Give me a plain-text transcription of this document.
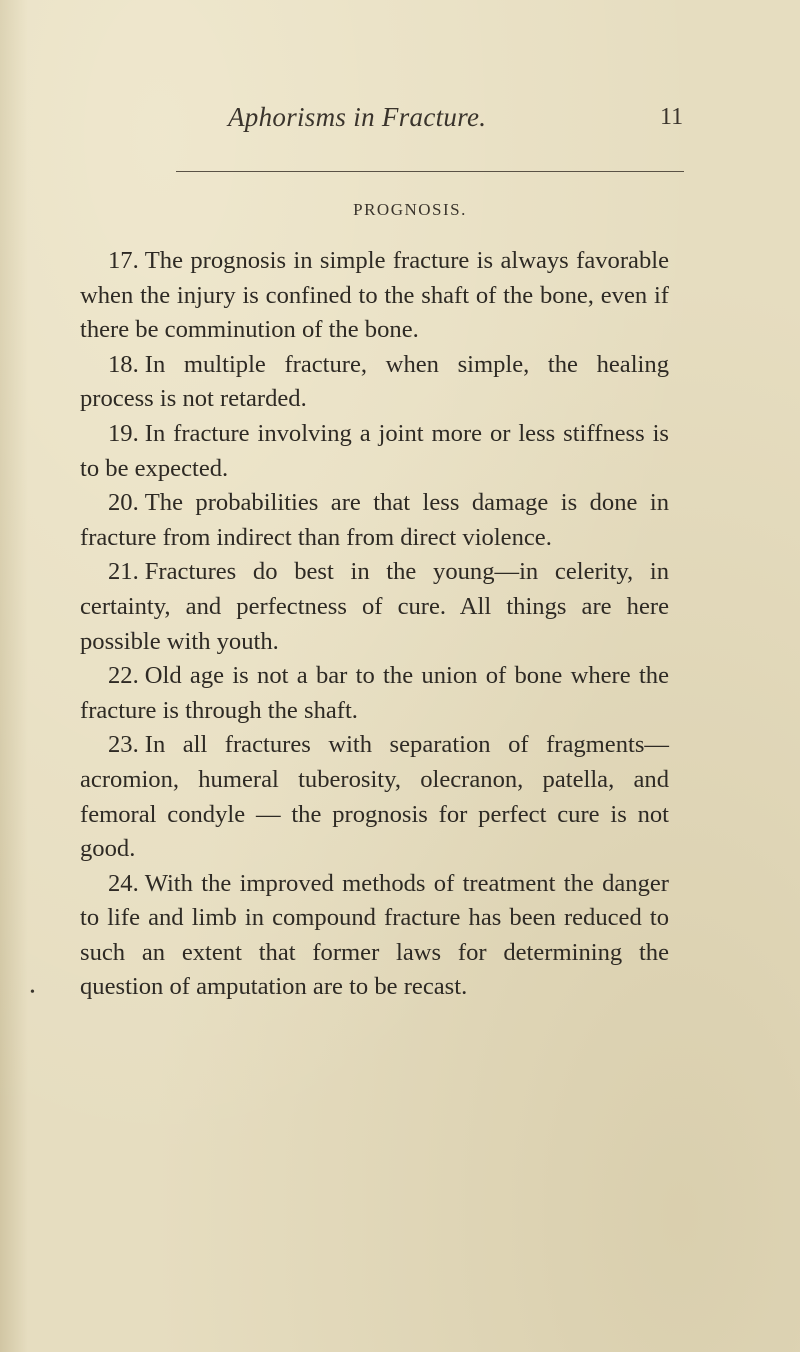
Aphorisms in Fracture.	11
PROGNOSIS.
•

17. The prognosis in simple fracture is always favorable when the injury is confined to the shaft of the bone, even if there be comminution of the bone.

18. In multiple fracture, when simple, the healing process is not retarded.

19. In fracture involving a joint more or less stiffness is to be expected.

20. The probabilities are that less damage is done in fracture from indirect than from direct violence.

21. Fractures do best in the young—in celerity, in certainty, and perfectness of cure. All things are here possible with youth.

22. Old age is not a bar to the union of bone where the fracture is through the shaft.

23. In all fractures with separation of fragments—acromion, humeral tuberosity, olecranon, patella, and femoral condyle — the prognosis for perfect cure is not good.

24. With the improved methods of treatment the danger to life and limb in compound fracture has been reduced to such an extent that former laws for determining the question of amputation are to be recast.
